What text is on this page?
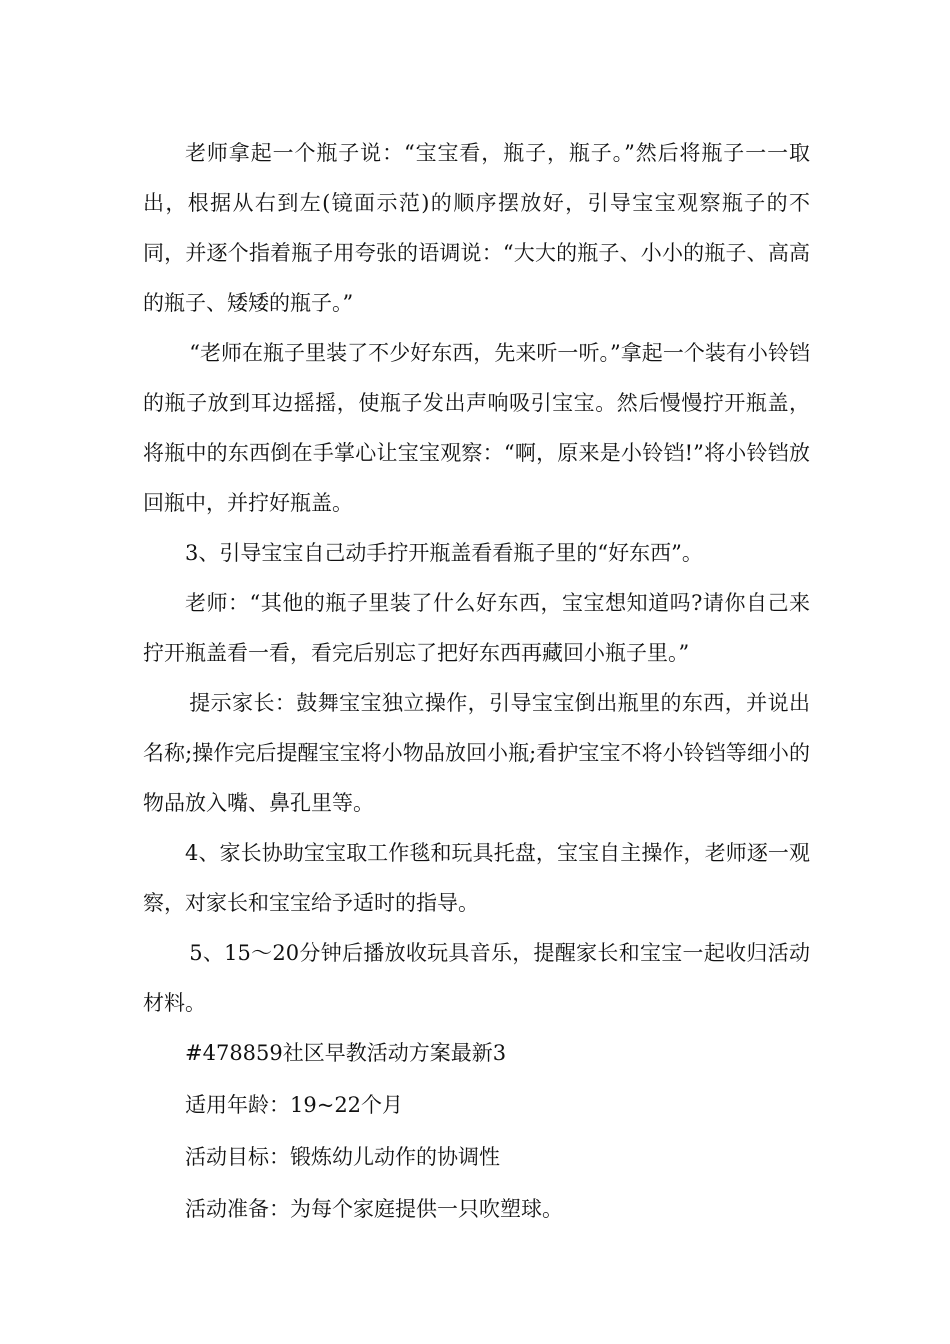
老师拿起一个瓶子说：“宝宝看，瓶子，瓶子。”然后将瓶子一一取出，根据从右到左(镜面示范)的顺序摆放好，引导宝宝观察瓶子的不同，并逐个指着瓶子用夸张的语调说：“大大的瓶子、小小的瓶子、高高的瓶子、矮矮的瓶子。”

“老师在瓶子里装了不少好东西，先来听一听。”拿起一个装有小铃铛的瓶子放到耳边摇摇，使瓶子发出声响吸引宝宝。然后慢慢拧开瓶盖，将瓶中的东西倒在手掌心让宝宝观察：“啊，原来是小铃铛!”将小铃铛放回瓶中，并拧好瓶盖。

3、引导宝宝自己动手拧开瓶盖看看瓶子里的“好东西”。

老师：“其他的瓶子里装了什么好东西，宝宝想知道吗?请你自己来拧开瓶盖看一看，看完后别忘了把好东西再藏回小瓶子里。”

提示家长：鼓舞宝宝独立操作，引导宝宝倒出瓶里的东西，并说出名称;操作完后提醒宝宝将小物品放回小瓶;看护宝宝不将小铃铛等细小的物品放入嘴、鼻孔里等。

4、家长协助宝宝取工作毯和玩具托盘，宝宝自主操作，老师逐一观察，对家长和宝宝给予适时的指导。

5、15～20分钟后播放收玩具音乐，提醒家长和宝宝一起收归活动材料。

#478859社区早教活动方案最新3

适用年龄：19~22个月

活动目标：锻炼幼儿动作的协调性

活动准备：为每个家庭提供一只吹塑球。
